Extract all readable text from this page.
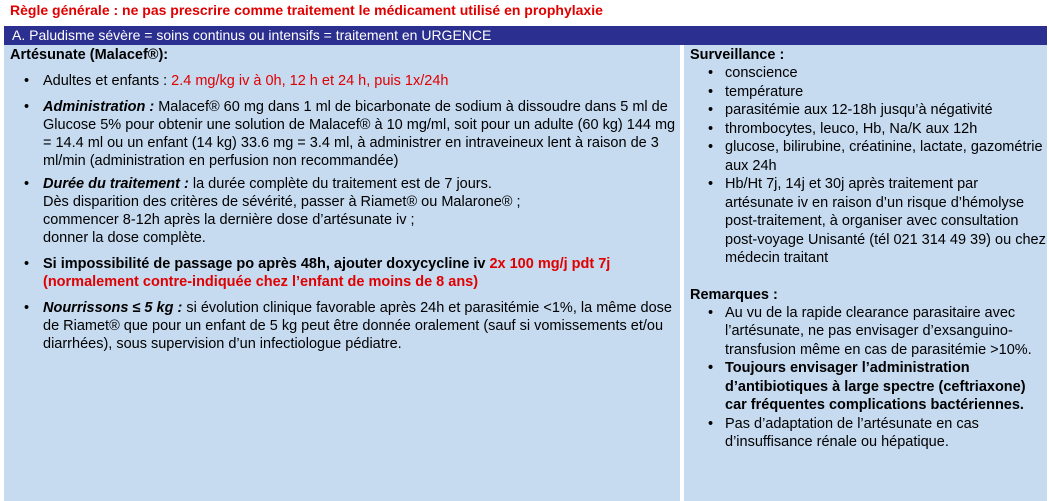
Règle générale : ne pas prescrire comme traitement le médicament utilisé en prophylaxie
A. Paludisme sévère = soins continus ou intensifs = traitement en URGENCE
Artésunate (Malacef®):
• Adultes et enfants : 2.4 mg/kg iv à 0h, 12 h et 24 h, puis 1x/24h
• Administration : Malacef® 60 mg dans 1 ml de bicarbonate de sodium à dissoudre dans 5 ml de Glucose 5% pour obtenir une solution de Malacef® à 10 mg/ml, soit pour un adulte (60 kg) 144 mg = 14.4 ml ou un enfant (14 kg) 33.6 mg = 3.4 ml, à administrer en intraveineux lent à raison de 3 ml/min (administration en perfusion non recommandée)
• Durée du traitement : la durée complète du traitement est de 7 jours.
Dès disparition des critères de sévérité, passer à Riamet® ou Malarone® ;
commencer 8-12h après la dernière dose d’artésunate iv ;
donner la dose complète.
• Si impossibilité de passage po après 48h, ajouter doxycycline iv 2x 100 mg/j pdt 7j
(normalement contre-indiquée chez l’enfant de moins de 8 ans)
• Nourrissons ≤ 5 kg : si évolution clinique favorable après 24h et parasitémie <1%, la même dose de Riamet® que pour un enfant de 5 kg peut être donnée oralement (sauf si vomissements et/ou diarrhées), sous supervision d’un infectiologue pédiatre.
Surveillance :
• conscience
• température
• parasitémie aux 12-18h jusqu’à négativité
• thrombocytes, leuco, Hb, Na/K aux 12h
• glucose, bilirubine, créatinine, lactate, gazométrie aux 24h
• Hb/Ht 7j, 14j et 30j après traitement par artésunate iv en raison d’un risque d’hémolyse post-traitement, à organiser avec consultation post-voyage Unisanté (tél 021 314 49 39) ou chez médecin traitant
Remarques :
• Au vu de la rapide clearance parasitaire avec l’artésunate, ne pas envisager d’exsanguino-transfusion même en cas de parasitémie >10%.
• Toujours envisager l’administration d’antibiotiques à large spectre (ceftriaxone) car fréquentes complications bactériennes.
• Pas d’adaptation de l’artésunate en cas d’insuffisance rénale ou hépatique.
